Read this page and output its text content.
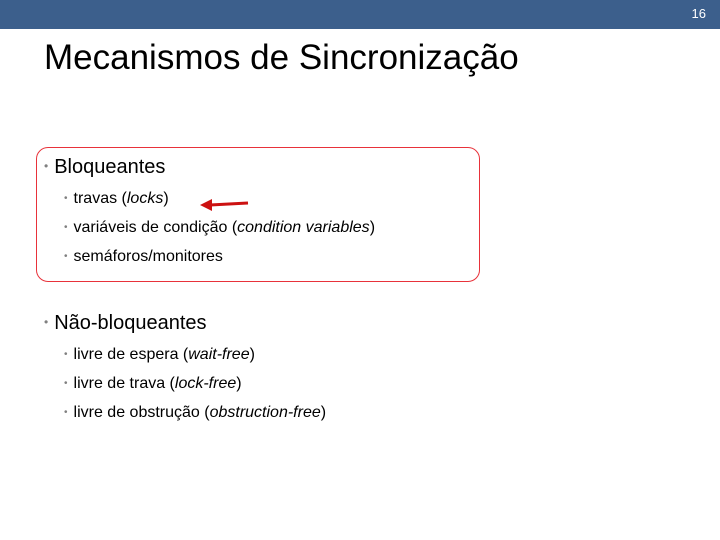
16
Mecanismos de Sincronização
• Bloqueantes
• travas (locks)
• variáveis de condição (condition variables)
• semáforos/monitores
• Não-bloqueantes
• livre de espera (wait-free)
• livre de trava (lock-free)
• livre de obstrução (obstruction-free)
